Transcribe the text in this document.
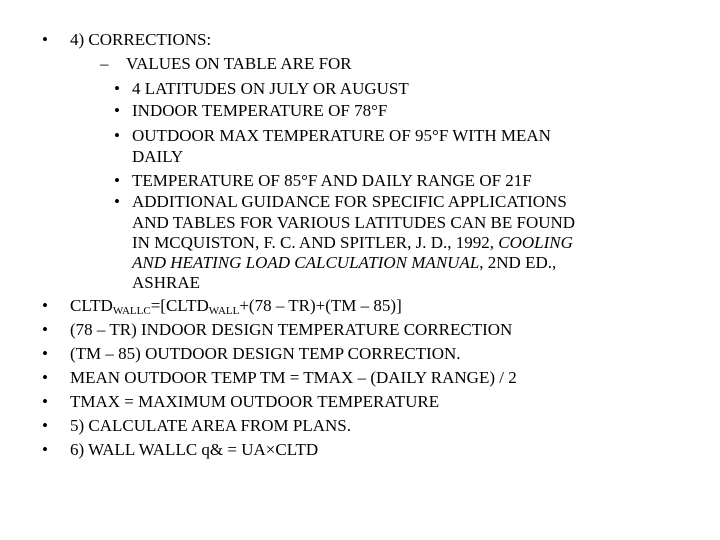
• 4) CORRECTIONS:
– VALUES ON TABLE ARE FOR
• 4 LATITUDES ON JULY OR AUGUST
• INDOOR TEMPERATURE OF 78°F
• OUTDOOR MAX TEMPERATURE OF 95°F WITH MEAN
DAILY
• TEMPERATURE OF 85°F AND DAILY RANGE OF 21F
• ADDITIONAL GUIDANCE FOR SPECIFIC APPLICATIONS
AND TABLES FOR VARIOUS LATITUDES CAN BE FOUND
IN MCQUISTON, F. C. AND SPITLER, J. D., 1992, COOLING
AND HEATING LOAD CALCULATION MANUAL, 2ND ED.,
ASHRAE
• $CLTD_{WALLC}=[CLTD_{WALL}+(78 - TR)+(TM - 85)]$
• (78 – TR) INDOOR DESIGN TEMPERATURE CORRECTION
• (TM – 85) OUTDOOR DESIGN TEMP CORRECTION.
• MEAN OUTDOOR TEMP TM = TMAX – (DAILY RANGE) / 2
• TMAX = MAXIMUM OUTDOOR TEMPERATURE
• 5) CALCULATE AREA FROM PLANS.
• 6) WALL WALLC q& = UA×CLTD
